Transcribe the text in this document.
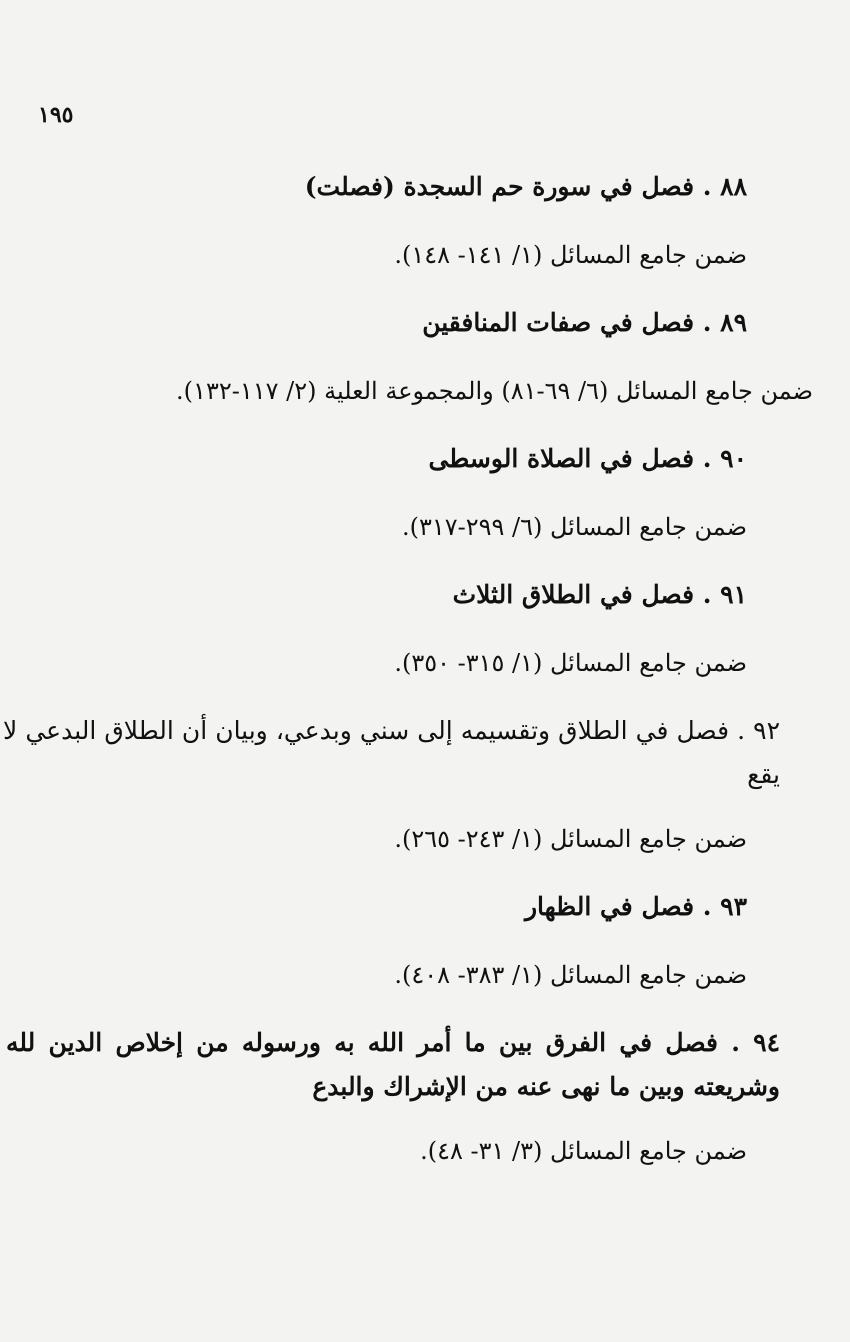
١٩٥
٨٨ . فصل في سورة حم السجدة (فصلت)
ضمن جامع المسائل (١/ ١٤١- ١٤٨).
٨٩ . فصل في صفات المنافقين
ضمن جامع المسائل (٦/ ٦٩-٨١) والمجموعة العلية (٢/ ١١٧-١٣٢).
٩٠ . فصل في الصلاة الوسطى
ضمن جامع المسائل (٦/ ٢٩٩-٣١٧).
٩١ . فصل في الطلاق الثلاث
ضمن جامع المسائل (١/ ٣١٥- ٣٥٠).
٩٢ . فصل في الطلاق وتقسيمه إلى سني وبدعي، وبيان أن الطلاق البدعي لا يقع
ضمن جامع المسائل (١/ ٢٤٣- ٢٦٥).
٩٣ . فصل في الظهار
ضمن جامع المسائل (١/ ٣٨٣- ٤٠٨).
٩٤ . فصل في الفرق بين ما أمر الله به ورسوله من إخلاص الدين لله وشريعته وبين ما نهى عنه من الإشراك والبدع
ضمن جامع المسائل (٣/ ٣١- ٤٨).
